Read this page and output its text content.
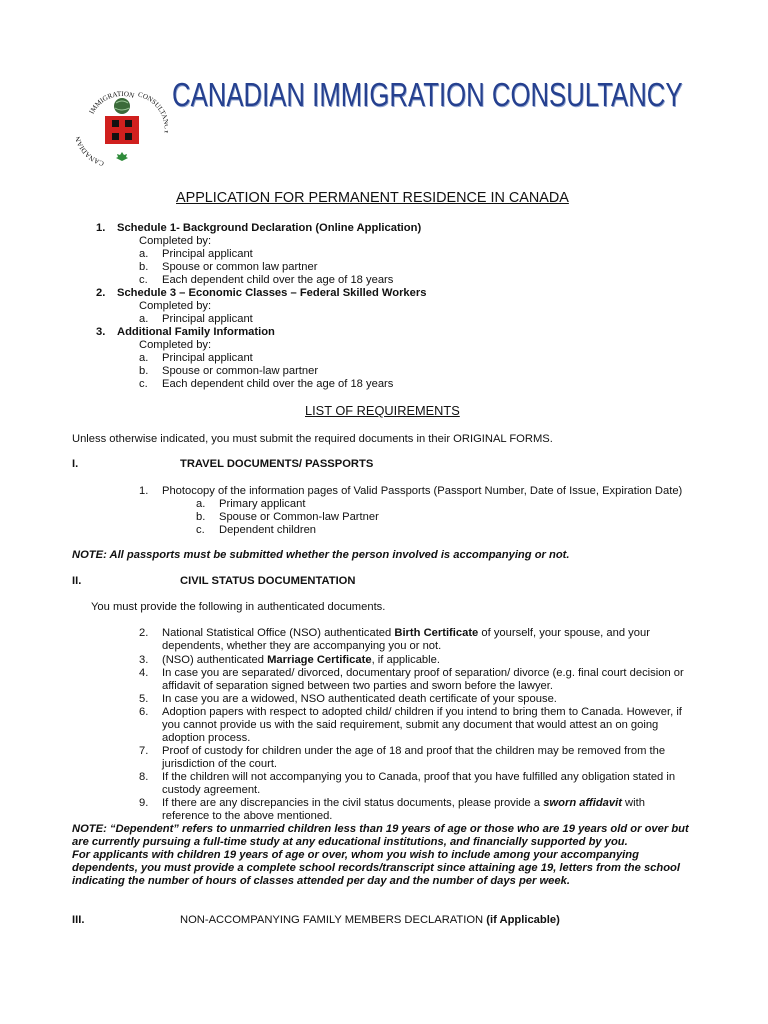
IMMIGRATION CONSULT
CANADIA
CANADIAN IMMIGRATION CONSULTANCY
APPLICATION FOR PERMANENT RESIDENCE IN CANADA
1. Schedule 1- Background Declaration (Online Application)
Completed by:
a. Principal applicant
b. Spouse or common law partner
c. Each dependent child over the age of 18 years
2. Schedule 3 – Economic Classes – Federal Skilled Workers
Completed by:
a. Principal applicant
3. Additional Family Information
Completed by:
a. Principal applicant
b. Spouse or common-law partner
c. Each dependent child over the age of 18 years
LIST OF REQUIREMENTS
Unless otherwise indicated, you must submit the required documents in their ORIGINAL FORMS.
I.	TRAVEL DOCUMENTS/ PASSPORTS
1. Photocopy of the information pages of Valid Passports (Passport Number, Date of Issue, Expiration Date)
a. Primary applicant
b. Spouse or Common-law Partner
c. Dependent children
NOTE: All passports must be submitted whether the person involved is accompanying or not.
II.	CIVIL STATUS DOCUMENTATION
You must provide the following in authenticated documents.
2. National Statistical Office (NSO) authenticated Birth Certificate of yourself, your spouse, and your dependents, whether they are accompanying you or not.
3. (NSO) authenticated Marriage Certificate, if applicable.
4. In case you are separated/ divorced, documentary proof of separation/ divorce (e.g. final court decision or affidavit of separation signed between two parties and sworn before the lawyer.
5. In case you are a widowed, NSO authenticated death certificate of your spouse.
6. Adoption papers with respect to adopted child/ children if you intend to bring them to Canada. However, if you cannot provide us with the said requirement, submit any document that would attest an on going adoption process.
7. Proof of custody for children under the age of 18 and proof that the children may be removed from the jurisdiction of the court.
8. If the children will not accompanying you to Canada, proof that you have fulfilled any obligation stated in custody agreement.
9. If there are any discrepancies in the civil status documents, please provide a sworn affidavit with reference to the above mentioned.
NOTE: “Dependent” refers to unmarried children less than 19 years of age or those who are 19 years old or over but are currently pursuing a full-time study at any educational institutions, and financially supported by you.
For applicants with children 19 years of age or over, whom you wish to include among your accompanying dependents, you must provide a complete school records/transcript since attaining age 19, letters from the school indicating the number of hours of classes attended per day and the number of days per week.
III.	NON-ACCOMPANYING FAMILY MEMBERS DECLARATION (if Applicable)
